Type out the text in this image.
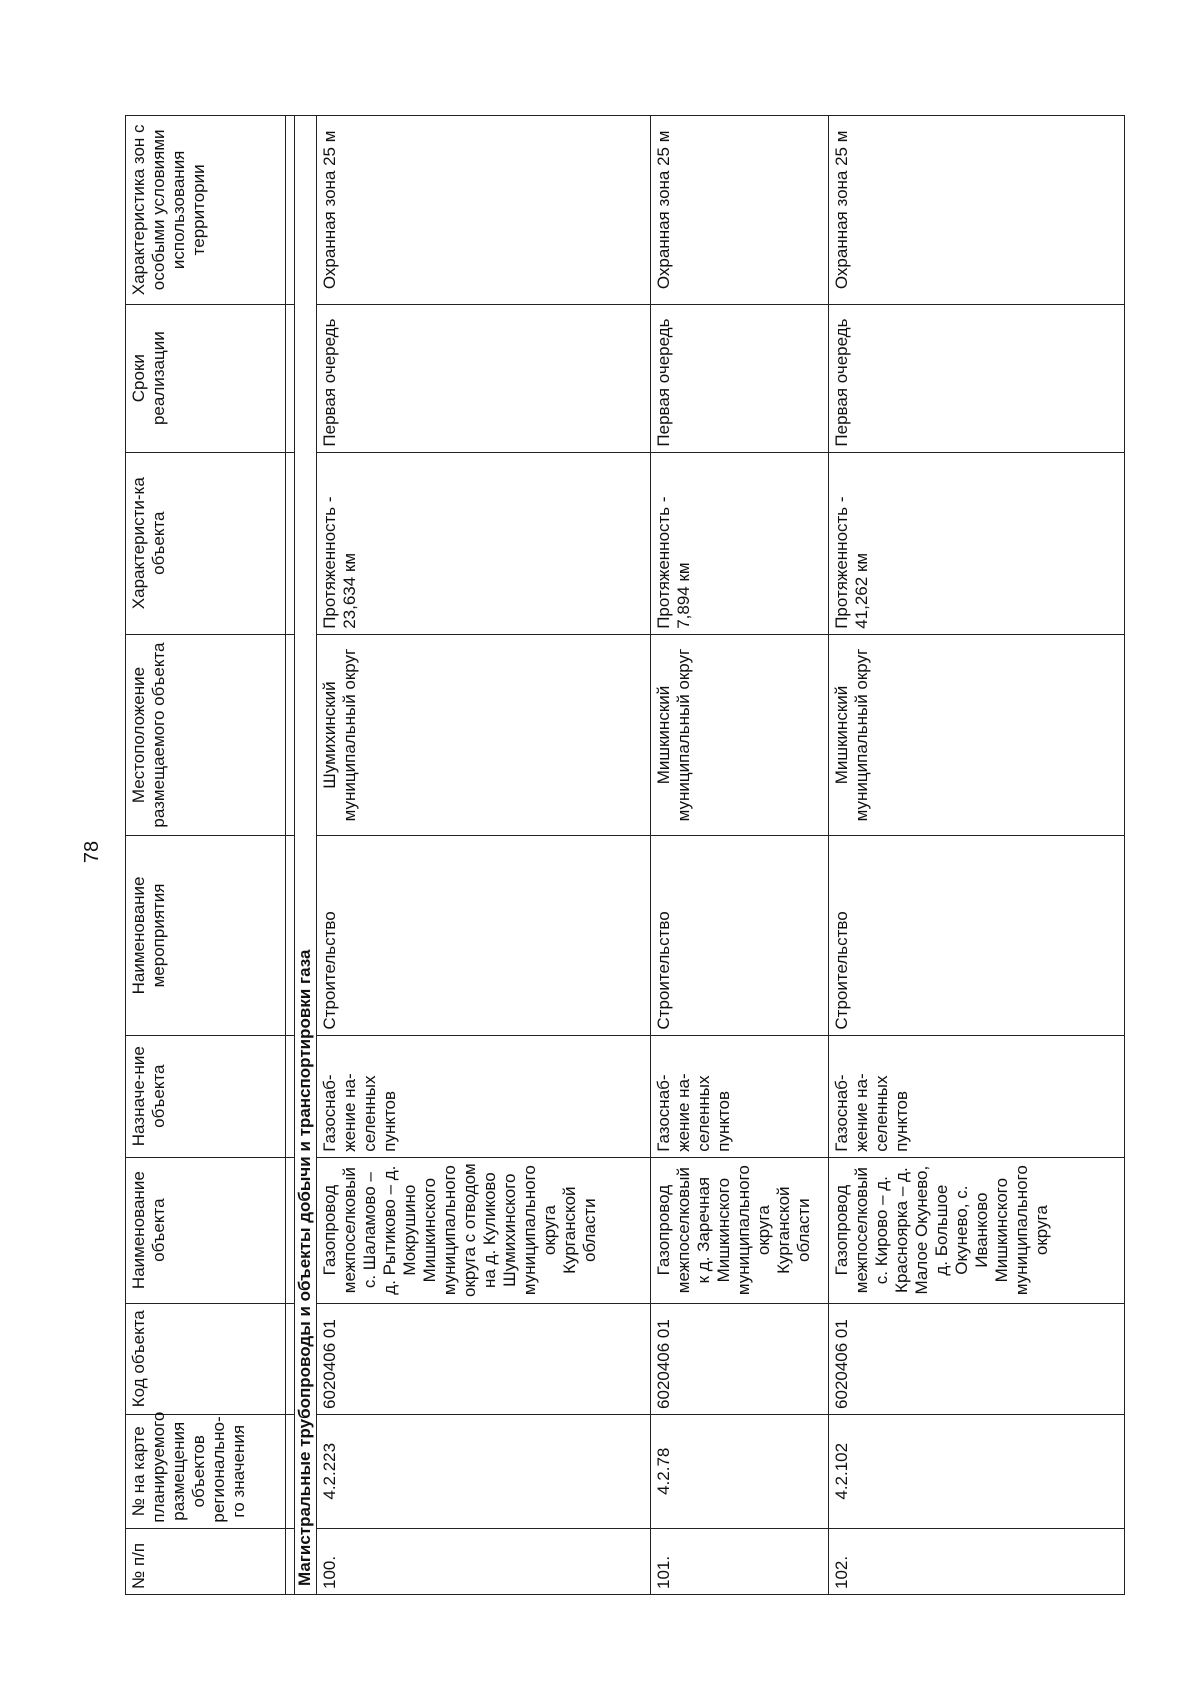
78
№ п/п	№ на карте планируемого размещения объектов регионально-го значения	Код объекта	Наименование объекта	Назначе-ние объекта	Наименование мероприятия	Местоположение размещаемого объекта	Характеристи-ка объекта	Сроки реализации	Характеристика зон с особыми условиями использования территории

Магистральные трубопроводы и объекты добычи и транспортировки газа									
100.	4.2.223	6020406 01	Газопровод межпоселковый с. Шаламово – д. Рытиково – д. Мокрушино Мишкинского муниципального округа с отводом на д. Куликово Шумихинского муниципального округа Курганской области	Газоснаб-жение на-селенных пунктов	Строительство	Шумихинский муниципальный округ	Протяженность - 23,634 км	Первая очередь	Охранная зона 25 м
101.	4.2.78	6020406 01	Газопровод межпоселковый к д. Заречная Мишкинского муниципального округа Курганской области	Газоснаб-жение на-селенных пунктов	Строительство	Мишкинский муниципальный округ	Протяженность - 7,894 км	Первая очередь	Охранная зона 25 м
102.	4.2.102	6020406 01	Газопровод межпоселковый с. Кирово – д. Краснoярка – д. Малое Окунево, д. Большое Окунево, с. Иванково Мишкинского муниципального округа	Газоснаб-жение на-селенных пунктов	Строительство	Мишкинский муниципальный округ	Протяженность - 41,262 км	Первая очередь	Охранная зона 25 м
